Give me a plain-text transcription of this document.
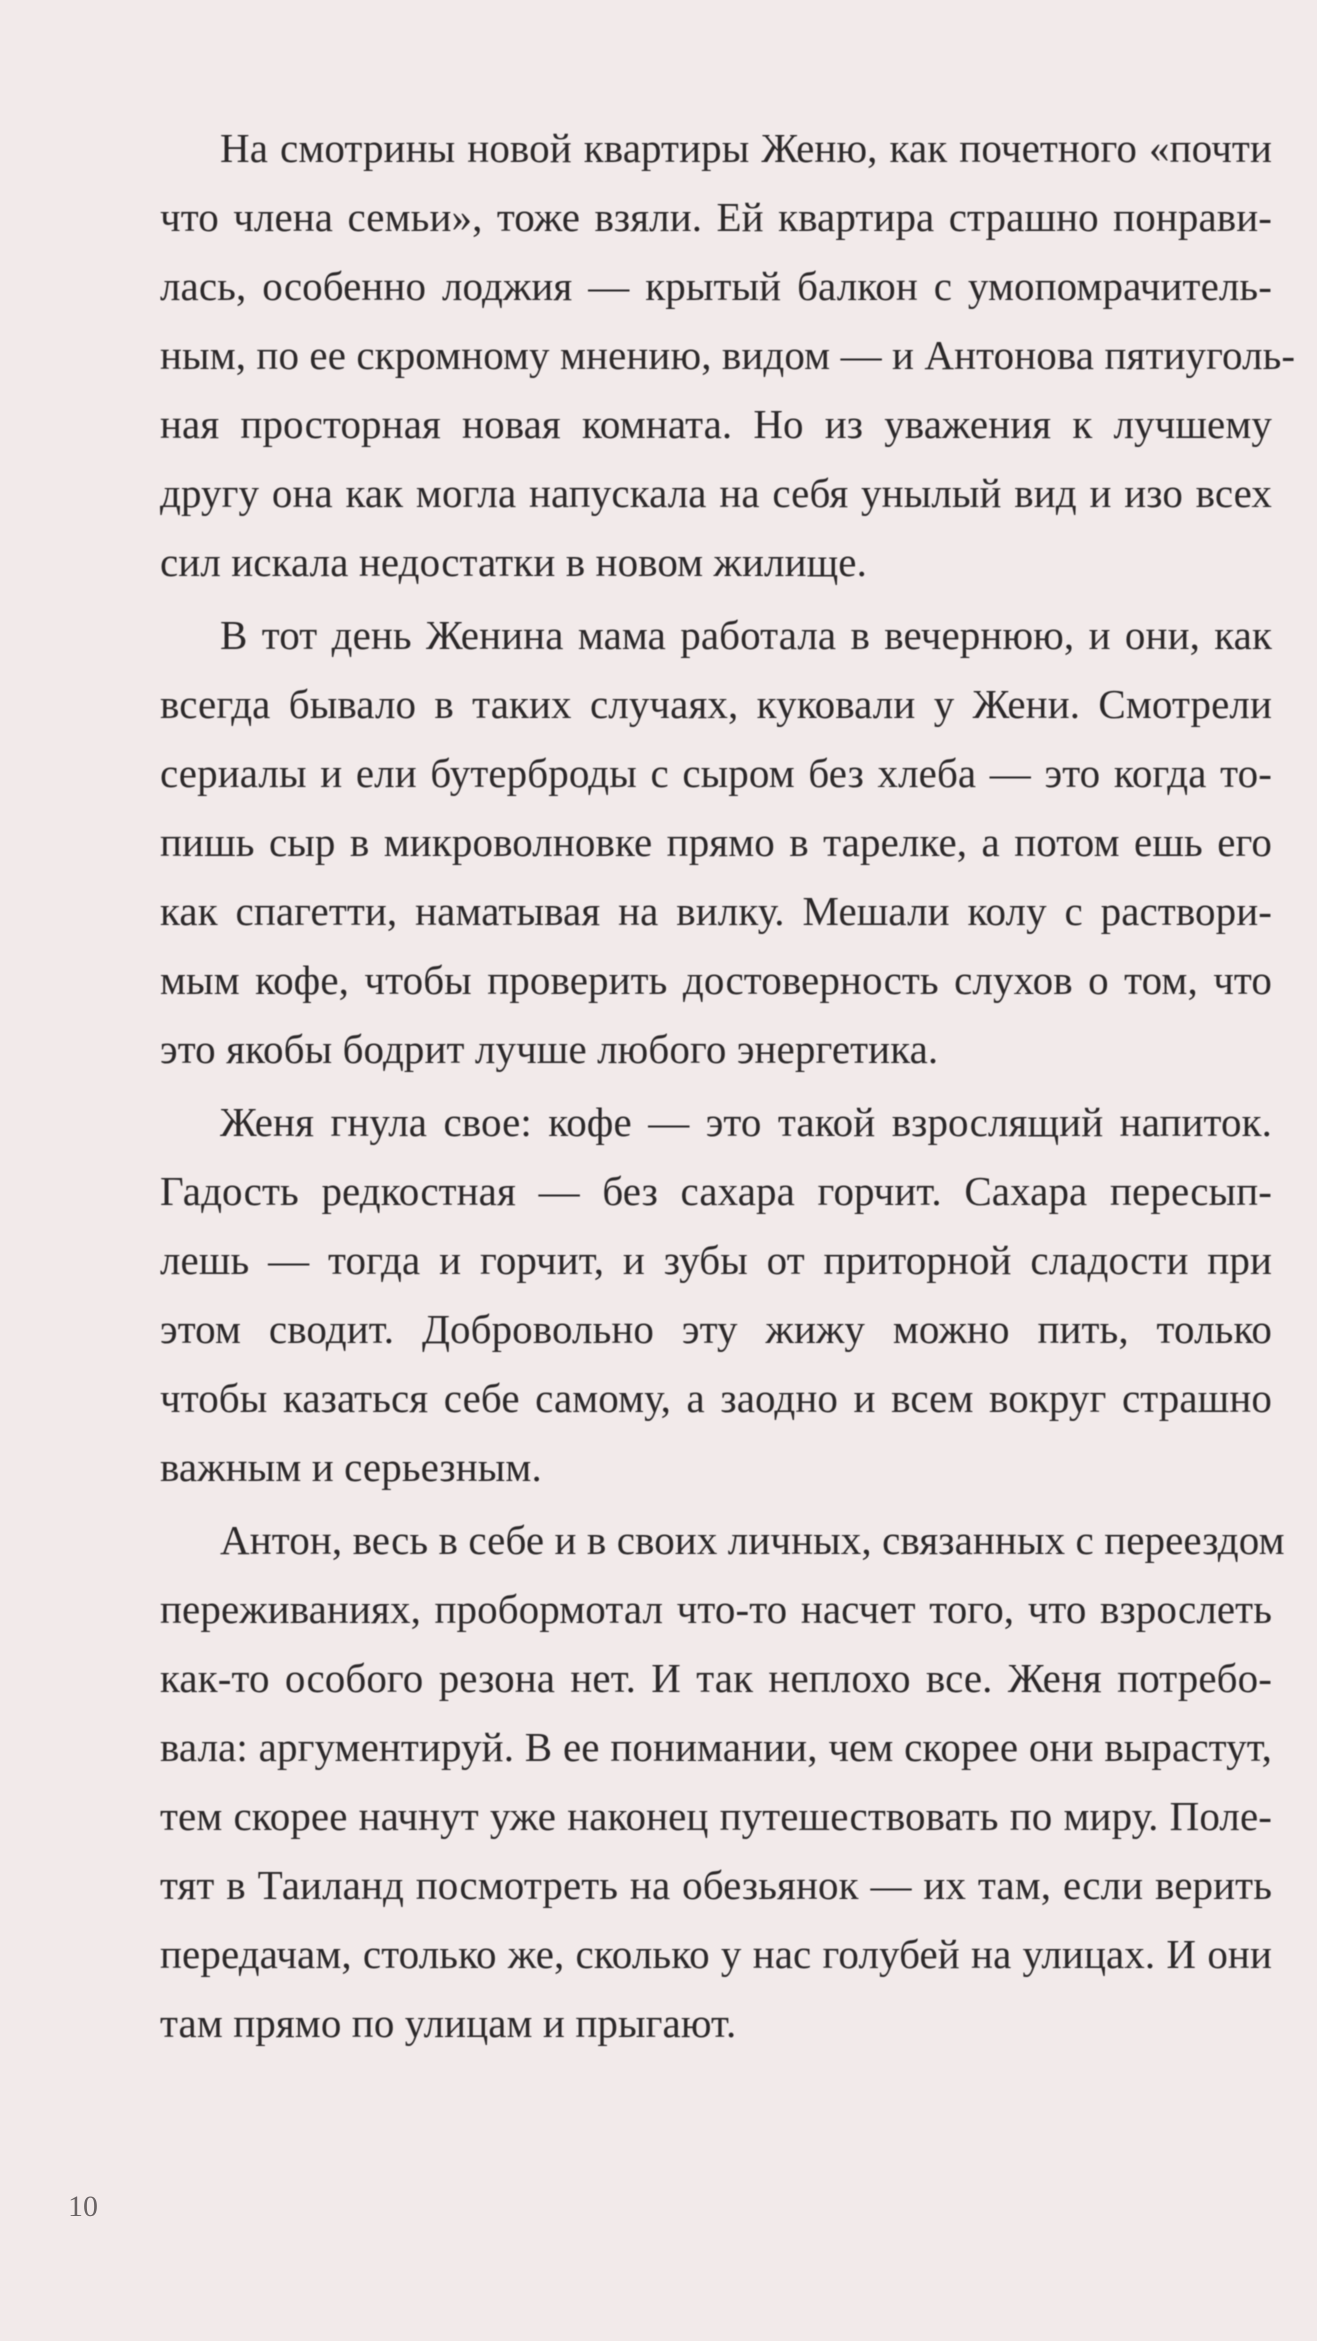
На смотрины новой квартиры Женю, как почетного «почти
что члена семьи», тоже взяли. Ей квартира страшно понрави-
лась, особенно лоджия — крытый балкон с умопомрачитель-
ным, по ее скромному мнению, видом — и Антонова пятиуголь-
ная просторная новая комната. Но из уважения к лучшему
другу она как могла напускала на себя унылый вид и изо всех
сил искала недостатки в новом жилище.
В тот день Женина мама работала в вечернюю, и они, как
всегда бывало в таких случаях, куковали у Жени. Смотрели
сериалы и ели бутерброды с сыром без хлеба — это когда то-
пишь сыр в микроволновке прямо в тарелке, а потом ешь его
как спагетти, наматывая на вилку. Мешали колу с раствори-
мым кофе, чтобы проверить достоверность слухов о том, что
это якобы бодрит лучше любого энергетика.
Женя гнула свое: кофе — это такой взрослящий напиток.
Гадость редкостная — без сахара горчит. Сахара пересып-
лешь — тогда и горчит, и зубы от приторной сладости при
этом сводит. Добровольно эту жижу можно пить, только
чтобы казаться себе самому, а заодно и всем вокруг страшно
важным и серьезным.
Антон, весь в себе и в своих личных, связанных с переездом
переживаниях, пробормотал что-то насчет того, что взрослеть
как-то особого резона нет. И так неплохо все. Женя потребо-
вала: аргументируй. В ее понимании, чем скорее они вырастут,
тем скорее начнут уже наконец путешествовать по миру. Поле-
тят в Таиланд посмотреть на обезьянок — их там, если верить
передачам, столько же, сколько у нас голубей на улицах. И они
там прямо по улицам и прыгают.
10
